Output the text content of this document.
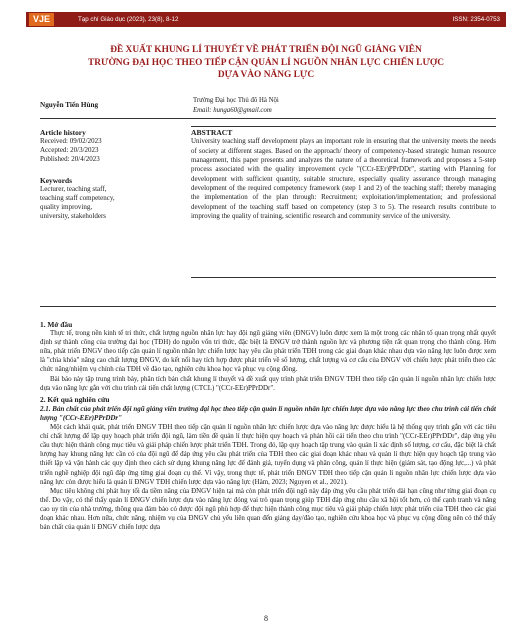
VJE	Tạp chí Giáo dục (2023), 23(8), 8-12	ISSN: 2354-0753
ĐỀ XUẤT KHUNG LÍ THUYẾT VỀ PHÁT TRIỂN ĐỘI NGŨ GIẢNG VIÊN
TRƯỜNG ĐẠI HỌC THEO TIẾP CẬN QUẢN LÍ NGUỒN NHÂN LỰC CHIẾN LƯỢC
DỰA VÀO NĂNG LỰC
Nguyễn Tiến Hùng
Trường Đại học Thủ đô Hà Nội
Email: hunga60@gmail.com
Article history
Received: 09/02/2023
Accepted: 20/3/2023
Published: 20/4/2023
Keywords
Lecturer, teaching staff,
teaching staff competency,
quality improving,
university, stakeholders
ABSTRACT

University teaching staff development plays an important role in ensuring that the university meets the needs of society at different stages. Based on the approach/ theory of competency-based strategic human resource management, this paper presents and analyzes the nature of a theoretical framework and proposes a 5-step process associated with the quality improvement cycle "(CCr-EEr)PPrDDr", starting with Planning for development with sufficient quantity, suitable structure, especially quality assurance through managing development of the required competency framework (step 1 and 2) of the teaching staff; thereby managing the implementation of the plan through: Recruitment; exploitation/implementation; and professional development of the teaching staff based on competency (step 3 to 5). The research results contribute to improving the quality of training, scientific research and community service of the university.

1. Mở đầu

Thực tế, trong nền kinh tế tri thức, chất lượng nguồn nhân lực hay đội ngũ giảng viên (ĐNGV) luôn được xem là một trong các nhân tố quan trọng nhất quyết định sự thành công của trường đại học (TĐH) do nguồn vốn tri thức, đặc biệt là ĐNGV trở thành nguồn lực và phương tiện rất quan trọng cho thành công. Hơn nữa, phát triển ĐNGV theo tiếp cận quản lí nguồn nhân lực chiến lược hay yêu cầu phát triển TĐH trong các giai đoạn khác nhau dựa vào năng lực luôn được xem là "chìa khóa" nâng cao chất lượng ĐNGV, do kết nối hay tích hợp được phát triển về số lượng, chất lượng và cơ cấu của ĐNGV với chiến lược phát triển theo các chức năng/nhiệm vụ chính của TĐH về đào tạo, nghiên cứu khoa học và phục vụ cộng đồng.

Bài báo này tập trung trình bày, phân tích bản chất khung lí thuyết và đề xuất quy trình phát triển ĐNGV TĐH theo tiếp cận quản lí nguồn nhân lực chiến lược dựa vào năng lực gắn với chu trình cải tiến chất lượng (CTCL) "(CCr-EEr)PPrDDr".

2. Kết quả nghiên cứu
2.1. Bản chất của phát triển đội ngũ giảng viên trường đại học theo tiếp cận quản lí nguồn nhân lực chiến lược dựa vào năng lực theo chu trình cải tiến chất lượng "(CCr-EEr)PPrDDr"

Một cách khái quát, phát triển ĐNGV TĐH theo tiếp cận quản lí nguồn nhân lực chiến lược dựa vào năng lực được hiểu là hệ thống quy trình gắn với các tiêu chí chất lượng để lập quy hoạch phát triển đội ngũ, làm tiền đề quản lí thực hiện quy hoạch và phản hồi cải tiến theo chu trình "(CCr-EEr)PPrDDr", đáp ứng yêu cầu thực hiện thành công mục tiêu và giải pháp chiến lược phát triển TĐH. Trong đó, lập quy hoạch tập trung vào quản lí xác định số lượng, cơ cấu, đặc biệt là chất lượng hay khung năng lực cần có của đội ngũ để đáp ứng yêu cầu phát triển của TĐH theo các giai đoạn khác nhau và quản lí thực hiện quy hoạch tập trung vào thiết lập và vận hành các quy định theo cách sử dụng khung năng lực để đánh giá, tuyển dụng và phân công, quản lí thực hiện (giám sát, tạo động lực,...) và phát triển nghề nghiệp đội ngũ đáp ứng từng giai đoạn cụ thể. Vì vậy, trong thực tế, phát triển ĐNGV TĐH theo tiếp cận quản lí nguồn nhân lực chiến lược dựa vào năng lực còn được hiểu là quản lí ĐNGV TĐH chiến lược dựa vào năng lực (Hàm, 2023; Nguyen et al., 2021).

Mục tiêu không chỉ phát huy tối đa tiềm năng của ĐNGV hiện tại mà còn phát triển đội ngũ này đáp ứng yêu cầu phát triển dài hạn cũng như từng giai đoạn cụ thể. Do vậy, có thể thấy quản lí ĐNGV chiến lược dựa vào năng lực đóng vai trò quan trọng giúp TĐH đáp ứng nhu cầu xã hội tốt hơn, có thể cạnh tranh và nâng cao uy tín của nhà trường, thông qua đảm bảo có được đội ngũ phù hợp để thực hiện thành công mục tiêu và giải pháp chiến lược phát triển của TĐH theo các giai đoạn khác nhau. Hơn nữa, chức năng, nhiệm vụ của ĐNGV chủ yếu liên quan đến giảng dạy/đào tạo, nghiên cứu khoa học và phục vụ cộng đồng nên có thể thấy bản chất của quản lí ĐNGV chiến lược dựa

8
